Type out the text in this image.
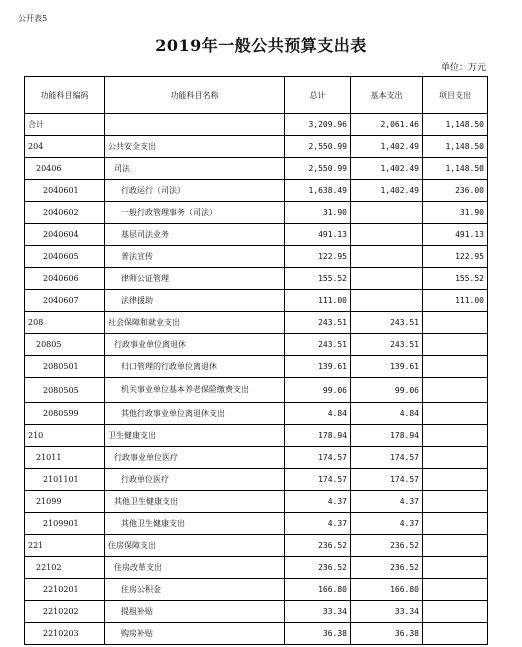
公开表5
2019年一般公共预算支出表
单位：万元
功能科目编码	功能科目名称	总计	基本支出	项目支出
合计		3,209.96	2,061.46	1,148.50
204	公共安全支出	2,550.99	1,402.49	1,148.50
20406	司法	2,550.99	1,402.49	1,148.50
2040601	行政运行（司法）	1,638.49	1,402.49	236.00
2040602	一般行政管理事务（司法）	31.90		31.90
2040604	基层司法业务	491.13		491.13
2040605	普法宣传	122.95		122.95
2040606	律师公证管理	155.52		155.52
2040607	法律援助	111.00		111.00
208	社会保障和就业支出	243.51	243.51	
20805	行政事业单位离退休	243.51	243.51	
2080501	归口管理的行政单位离退休	139.61	139.61	
2080505	机关事业单位基本养老保险缴费支出	99.06	99.06	
2080599	其他行政事业单位离退休支出	4.84	4.84	
210	卫生健康支出	178.94	178.94	
21011	行政事业单位医疗	174.57	174.57	
2101101	行政单位医疗	174.57	174.57	
21099	其他卫生健康支出	4.37	4.37	
2109901	其他卫生健康支出	4.37	4.37	
221	住房保障支出	236.52	236.52	
22102	住房改革支出	236.52	236.52	
2210201	住房公积金	166.80	166.80	
2210202	提租补贴	33.34	33.34	
2210203	购房补贴	36.38	36.38	
